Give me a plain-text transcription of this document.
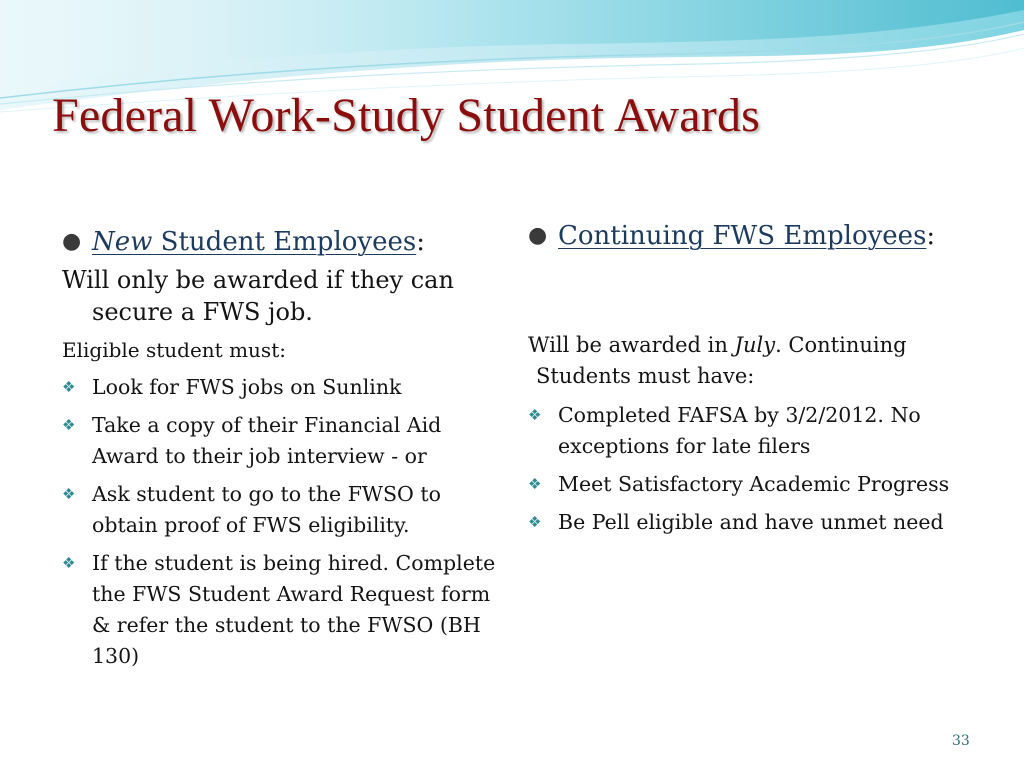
Federal Work-Study Student Awards
● New Student Employees:
Will only be awarded if they can secure a FWS job.
Eligible student must:
❖ Look for FWS jobs on Sunlink
❖ Take a copy of their Financial Aid Award to their job interview - or
❖ Ask student to go to the FWSO to obtain proof of FWS eligibility.
❖ If the student is being hired. Complete the FWS Student Award Request form & refer the student to the FWSO (BH 130)
● Continuing FWS Employees:
Will be awarded in July. Continuing Students must have:
❖ Completed FAFSA by 3/2/2012. No exceptions for late filers
❖ Meet Satisfactory Academic Progress
❖ Be Pell eligible and have unmet need
33
